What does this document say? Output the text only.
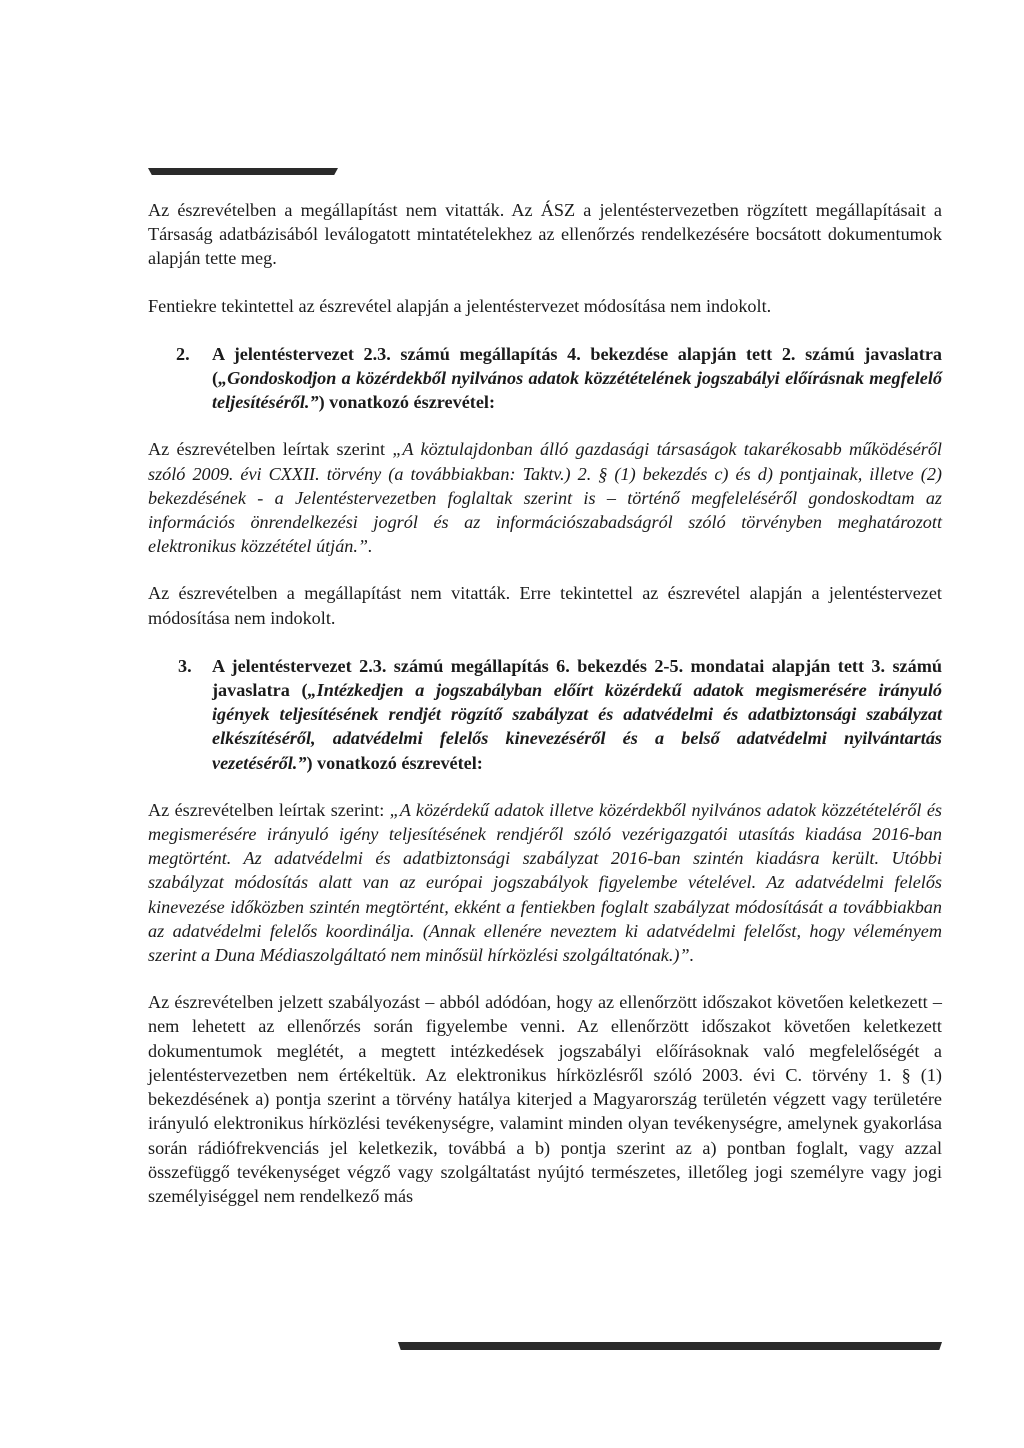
Az észrevételben a megállapítást nem vitatták. Az ÁSZ a jelentéstervezetben rögzített megállapításait a Társaság adatbázisából leválogatott mintatételekhez az ellenőrzés rendelkezésére bocsátott dokumentumok alapján tette meg.

Fentiekre tekintettel az észrevétel alapján a jelentéstervezet módosítása nem indokolt.

2.	A jelentéstervezet 2.3. számú megállapítás 4. bekezdése alapján tett 2. számú javaslatra („Gondoskodjon a közérdekből nyilvános adatok közzétételének jogszabályi előírásnak megfelelő teljesítéséről.”) vonatkozó észrevétel:

Az észrevételben leírtak szerint „A köztulajdonban álló gazdasági társaságok takarékosabb működéséről szóló 2009. évi CXXII. törvény (a továbbiakban: Taktv.) 2. § (1) bekezdés c) és d) pontjainak, illetve (2) bekezdésének - a Jelentéstervezetben foglaltak szerint is – történő megfeleléséről gondoskodtam az információs önrendelkezési jogról és az információszabadságról szóló törvényben meghatározott elektronikus közzététel útján.”.

Az észrevételben a megállapítást nem vitatták. Erre tekintettel az észrevétel alapján a jelentéstervezet módosítása nem indokolt.

3.	A jelentéstervezet 2.3. számú megállapítás 6. bekezdés 2-5. mondatai alapján tett 3. számú javaslatra („Intézkedjen a jogszabályban előírt közérdekű adatok megismerésére irányuló igények teljesítésének rendjét rögzítő szabályzat és adatvédelmi és adatbiztonsági szabályzat elkészítéséről, adatvédelmi felelős kinevezéséről és a belső adatvédelmi nyilvántartás vezetéséről.”) vonatkozó észrevétel:

Az észrevételben leírtak szerint: „A közérdekű adatok illetve közérdekből nyilvános adatok közzétételéről és megismerésére irányuló igény teljesítésének rendjéről szóló vezérigazgatói utasítás kiadása 2016-ban megtörtént. Az adatvédelmi és adatbiztonsági szabályzat 2016-ban szintén kiadásra került. Utóbbi szabályzat módosítás alatt van az európai jogszabályok figyelembe vételével. Az adatvédelmi felelős kinevezése időközben szintén megtörtént, ekként a fentiekben foglalt szabályzat módosítását a továbbiakban az adatvédelmi felelős koordinálja. (Annak ellenére neveztem ki adatvédelmi felelőst, hogy véleményem szerint a Duna Médiaszolgáltató nem minősül hírközlési szolgáltatónak.)”.

Az észrevételben jelzett szabályozást – abból adódóan, hogy az ellenőrzött időszakot követően keletkezett – nem lehetett az ellenőrzés során figyelembe venni. Az ellenőrzött időszakot követően keletkezett dokumentumok meglétét, a megtett intézkedések jogszabályi előírásoknak való megfelelőségét a jelentéstervezetben nem értékeltük. Az elektronikus hírközlésről szóló 2003. évi C. törvény 1. § (1) bekezdésének a) pontja szerint a törvény hatálya kiterjed a Magyarország területén végzett vagy területére irányuló elektronikus hírközlési tevékenységre, valamint minden olyan tevékenységre, amelynek gyakorlása során rádiófrekvenciás jel keletkezik, továbbá a b) pontja szerint az a) pontban foglalt, vagy azzal összefüggő tevékenységet végző vagy szolgáltatást nyújtó természetes, illetőleg jogi személyre vagy jogi személyiséggel nem rendelkező más
